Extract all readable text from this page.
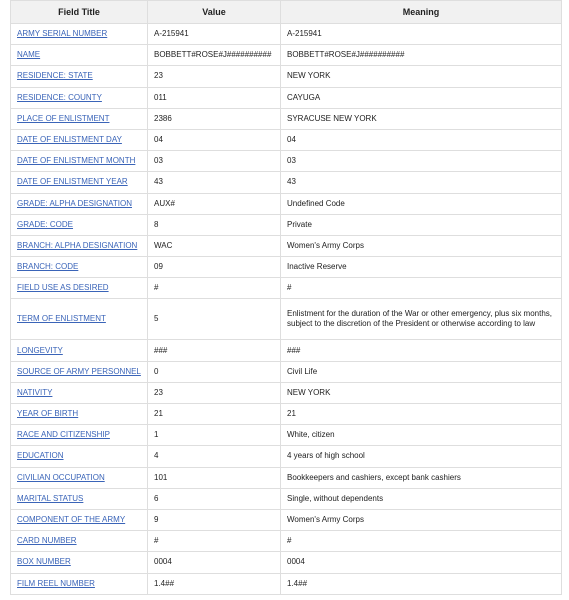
Field Title	Value	Meaning
ARMY SERIAL NUMBER	A-215941	A-215941
NAME	BOBBETT#ROSE#J##########	BOBBETT#ROSE#J##########
RESIDENCE: STATE	23	NEW YORK
RESIDENCE: COUNTY	011	CAYUGA
PLACE OF ENLISTMENT	2386	SYRACUSE NEW YORK
DATE OF ENLISTMENT DAY	04	04
DATE OF ENLISTMENT MONTH	03	03
DATE OF ENLISTMENT YEAR	43	43
GRADE: ALPHA DESIGNATION	AUX#	Undefined Code
GRADE: CODE	8	Private
BRANCH: ALPHA DESIGNATION	WAC	Women's Army Corps
BRANCH: CODE	09	Inactive Reserve
FIELD USE AS DESIRED	#	#
TERM OF ENLISTMENT	5	Enlistment for the duration of the War or other emergency, plus six months, subject to the discretion of the President or otherwise according to law
LONGEVITY	###	###
SOURCE OF ARMY PERSONNEL	0	Civil Life
NATIVITY	23	NEW YORK
YEAR OF BIRTH	21	21
RACE AND CITIZENSHIP	1	White, citizen
EDUCATION	4	4 years of high school
CIVILIAN OCCUPATION	101	Bookkeepers and cashiers, except bank cashiers
MARITAL STATUS	6	Single, without dependents
COMPONENT OF THE ARMY	9	Women's Army Corps
CARD NUMBER	#	#
BOX NUMBER	0004	0004
FILM REEL NUMBER	1.4##	1.4##
